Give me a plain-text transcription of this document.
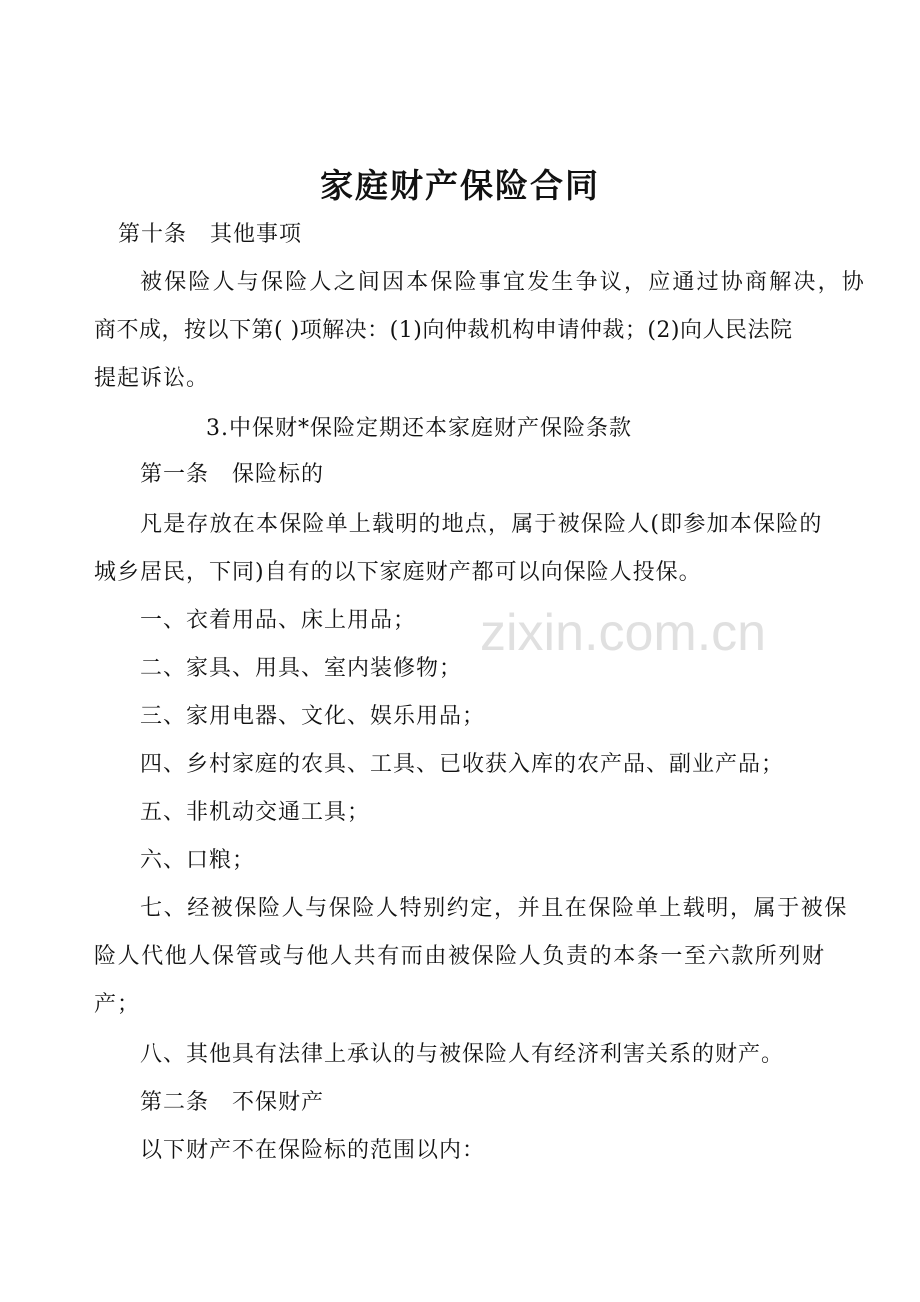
家庭财产保险合同
第十条　其他事项
被保险人与保险人之间因本保险事宜发生争议，应通过协商解决，协
商不成，按以下第( )项解决：(1)向仲裁机构申请仲裁；(2)向人民法院
提起诉讼。
3.中保财*保险定期还本家庭财产保险条款
第一条　保险标的
凡是存放在本保险单上载明的地点，属于被保险人(即参加本保险的
城乡居民，下同)自有的以下家庭财产都可以向保险人投保。
一、衣着用品、床上用品；
二、家具、用具、室内装修物；
三、家用电器、文化、娱乐用品；
四、乡村家庭的农具、工具、已收获入库的农产品、副业产品；
五、非机动交通工具；
六、口粮；
七、经被保险人与保险人特别约定，并且在保险单上载明，属于被保
险人代他人保管或与他人共有而由被保险人负责的本条一至六款所列财
产；
八、其他具有法律上承认的与被保险人有经济利害关系的财产。
第二条　不保财产
以下财产不在保险标的范围以内：
zixin.com.cn
